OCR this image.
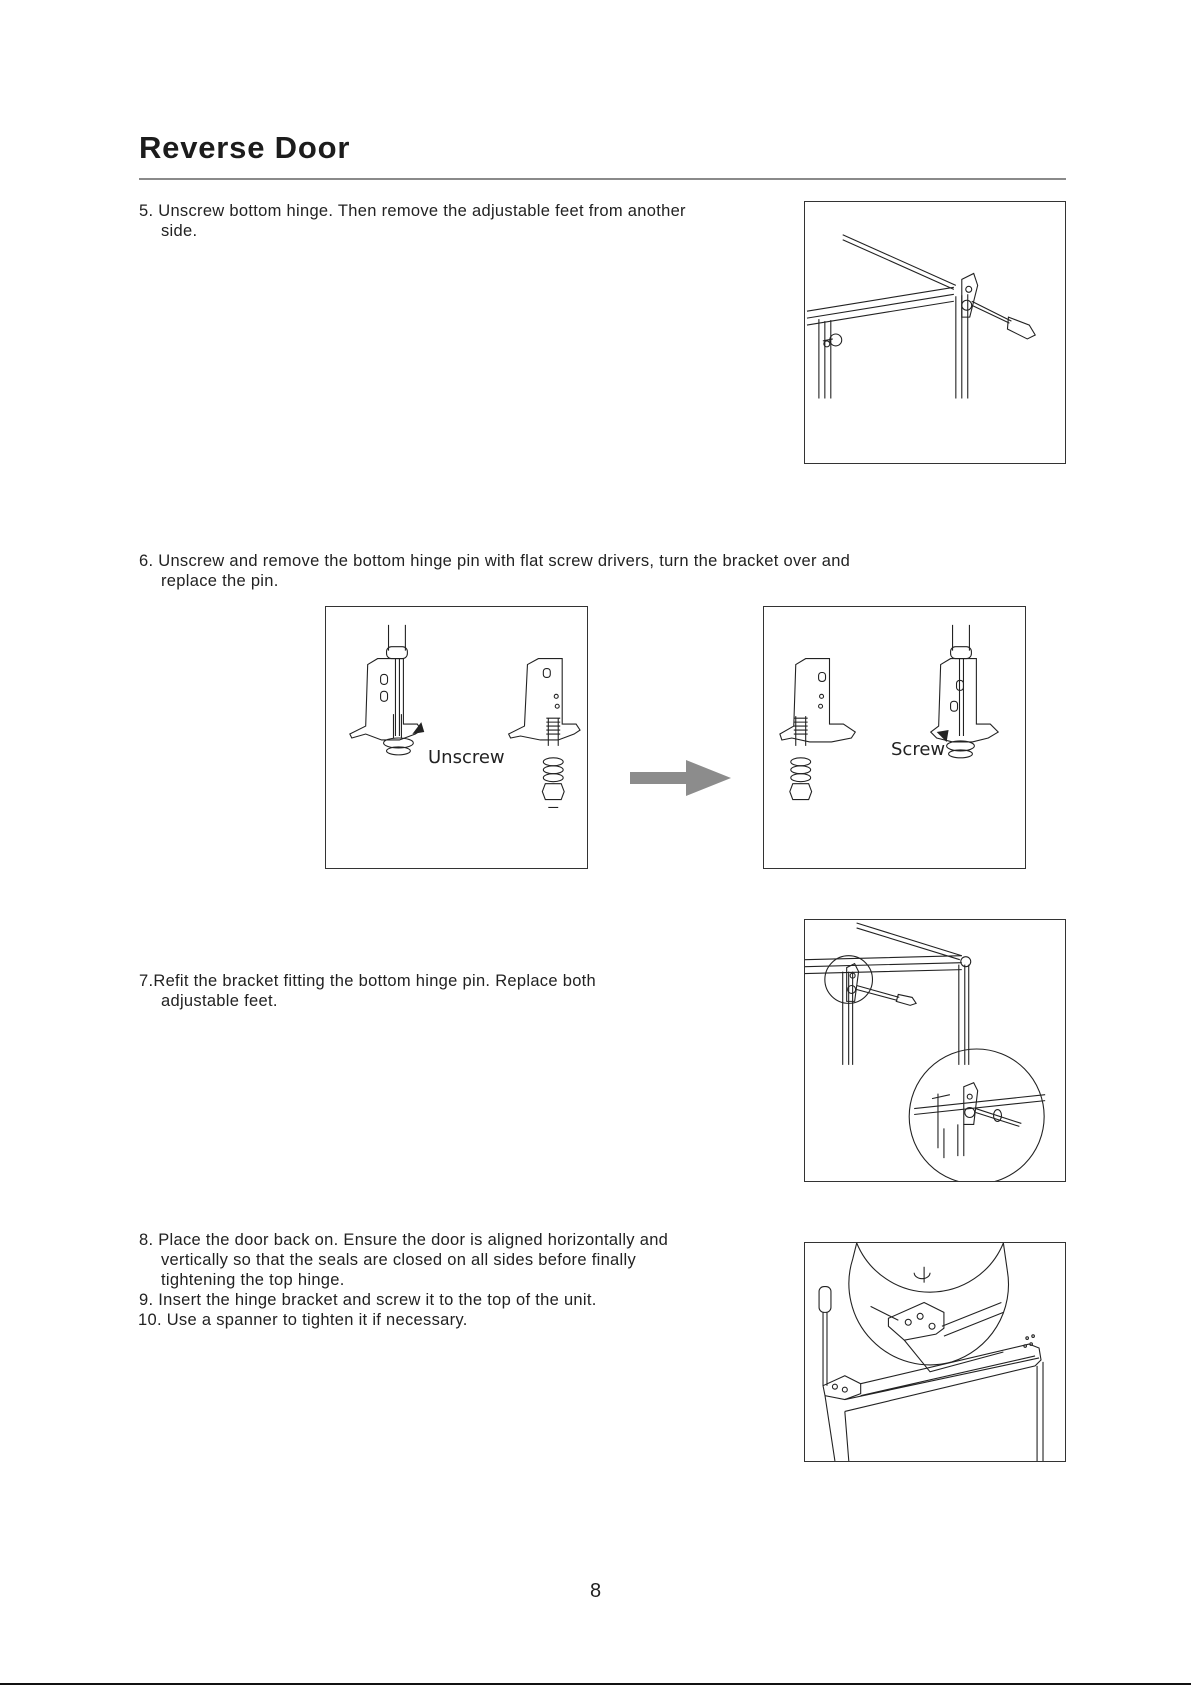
Reverse Door

5. Unscrew bottom hinge. Then remove the adjustable feet from another
side.

6. Unscrew and remove the bottom hinge pin with flat screw drivers, turn the bracket over and
replace the pin.

Unscrew	Screw

7.Refit the bracket fitting the bottom hinge pin. Replace both
adjustable feet.

8. Place the door back on. Ensure the door is aligned horizontally and
vertically so that the seals are closed on all sides before finally
tightening the top hinge.
9. Insert the hinge bracket and screw it to the top of the unit.
10. Use a spanner to tighten it if necessary.
8
